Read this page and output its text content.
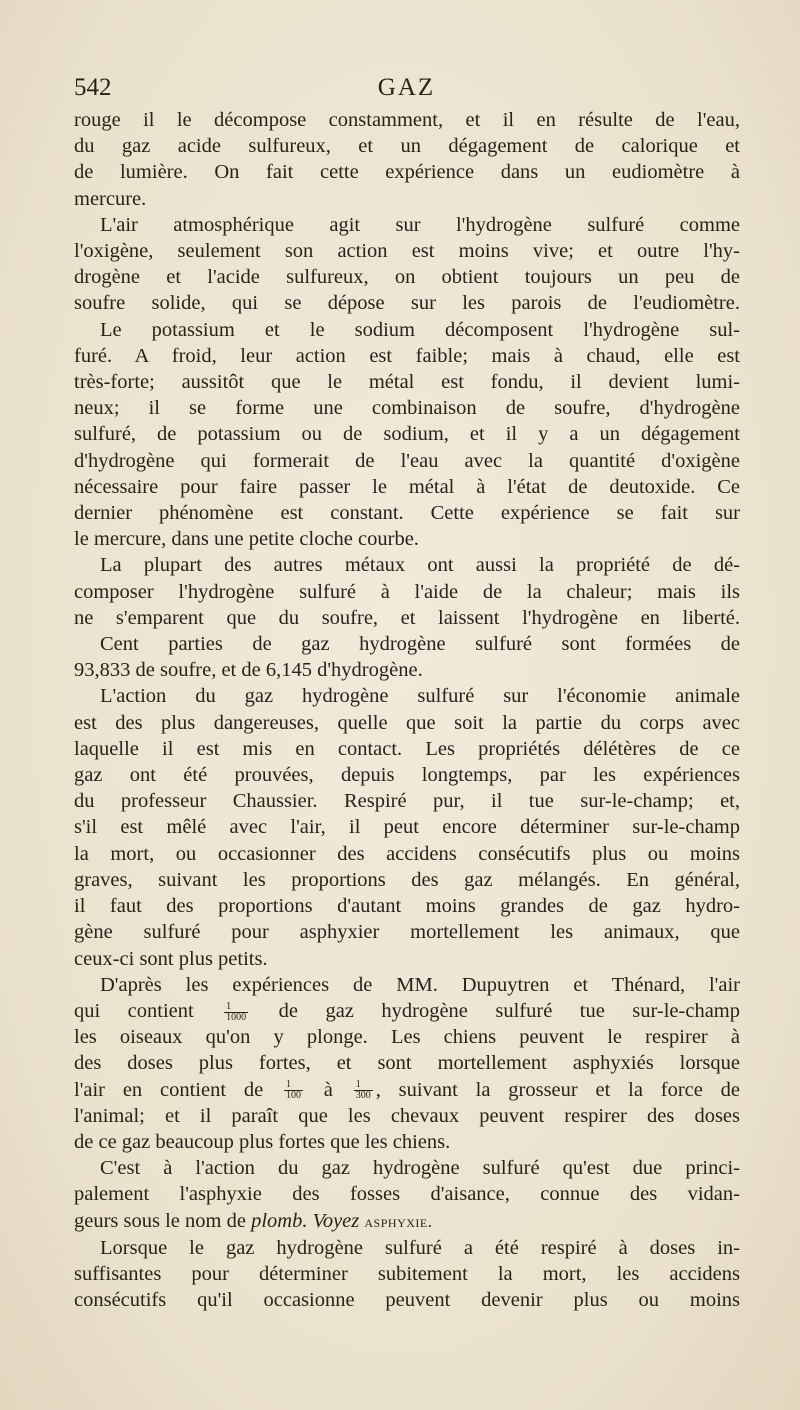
542	GAZ
rouge il le décompose constamment, et il en résulte de l'eau,
du gaz acide sulfureux, et un dégagement de calorique et
de lumière. On fait cette expérience dans un eudiomètre à
mercure.
L'air atmosphérique agit sur l'hydrogène sulfuré comme
l'oxigène, seulement son action est moins vive; et outre l'hy-
drogène et l'acide sulfureux, on obtient toujours un peu de
soufre solide, qui se dépose sur les parois de l'eudiomètre.
Le potassium et le sodium décomposent l'hydrogène sul-
furé. A froid, leur action est faible; mais à chaud, elle est
très-forte; aussitôt que le métal est fondu, il devient lumi-
neux; il se forme une combinaison de soufre, d'hydrogène
sulfuré, de potassium ou de sodium, et il y a un dégagement
d'hydrogène qui formerait de l'eau avec la quantité d'oxigène
nécessaire pour faire passer le métal à l'état de deutoxide. Ce
dernier phénomène est constant. Cette expérience se fait sur
le mercure, dans une petite cloche courbe.
La plupart des autres métaux ont aussi la propriété de dé-
composer l'hydrogène sulfuré à l'aide de la chaleur; mais ils
ne s'emparent que du soufre, et laissent l'hydrogène en liberté.
Cent parties de gaz hydrogène sulfuré sont formées de
93,833 de soufre, et de 6,145 d'hydrogène.
L'action du gaz hydrogène sulfuré sur l'économie animale
est des plus dangereuses, quelle que soit la partie du corps avec
laquelle il est mis en contact. Les propriétés délétères de ce
gaz ont été prouvées, depuis longtemps, par les expériences
du professeur Chaussier. Respiré pur, il tue sur-le-champ; et,
s'il est mêlé avec l'air, il peut encore déterminer sur-le-champ
la mort, ou occasionner des accidens consécutifs plus ou moins
graves, suivant les proportions des gaz mélangés. En général,
il faut des proportions d'autant moins grandes de gaz hydro-
gène sulfuré pour asphyxier mortellement les animaux, que
ceux-ci sont plus petits.
D'après les expériences de MM. Dupuytren et Thénard, l'air
qui contient	$\frac{1}{1000}$ de gaz hydrogène sulfuré tue sur-le-champ
les oiseaux qu'on y plonge. Les chiens peuvent le respirer à
des doses plus fortes, et sont mortellement asphyxiés lorsque
l'air en contient de $\frac{1}{100}$ à $\frac{1}{300}$ , suivant la grosseur et la force de
l'animal; et il paraît que les chevaux peuvent respirer des doses
de ce gaz beaucoup plus fortes que les chiens.
C'est à l'action du gaz hydrogène sulfuré qu'est due princi-
palement l'asphyxie des fosses d'aisance, connue des vidan-
geurs sous le nom de plomb. Voyez asphyxie.
Lorsque le gaz hydrogène sulfuré a été respiré à doses in-
suffisantes pour déterminer subitement la mort, les accidens
consécutifs qu'il occasionne peuvent devenir plus ou moins
